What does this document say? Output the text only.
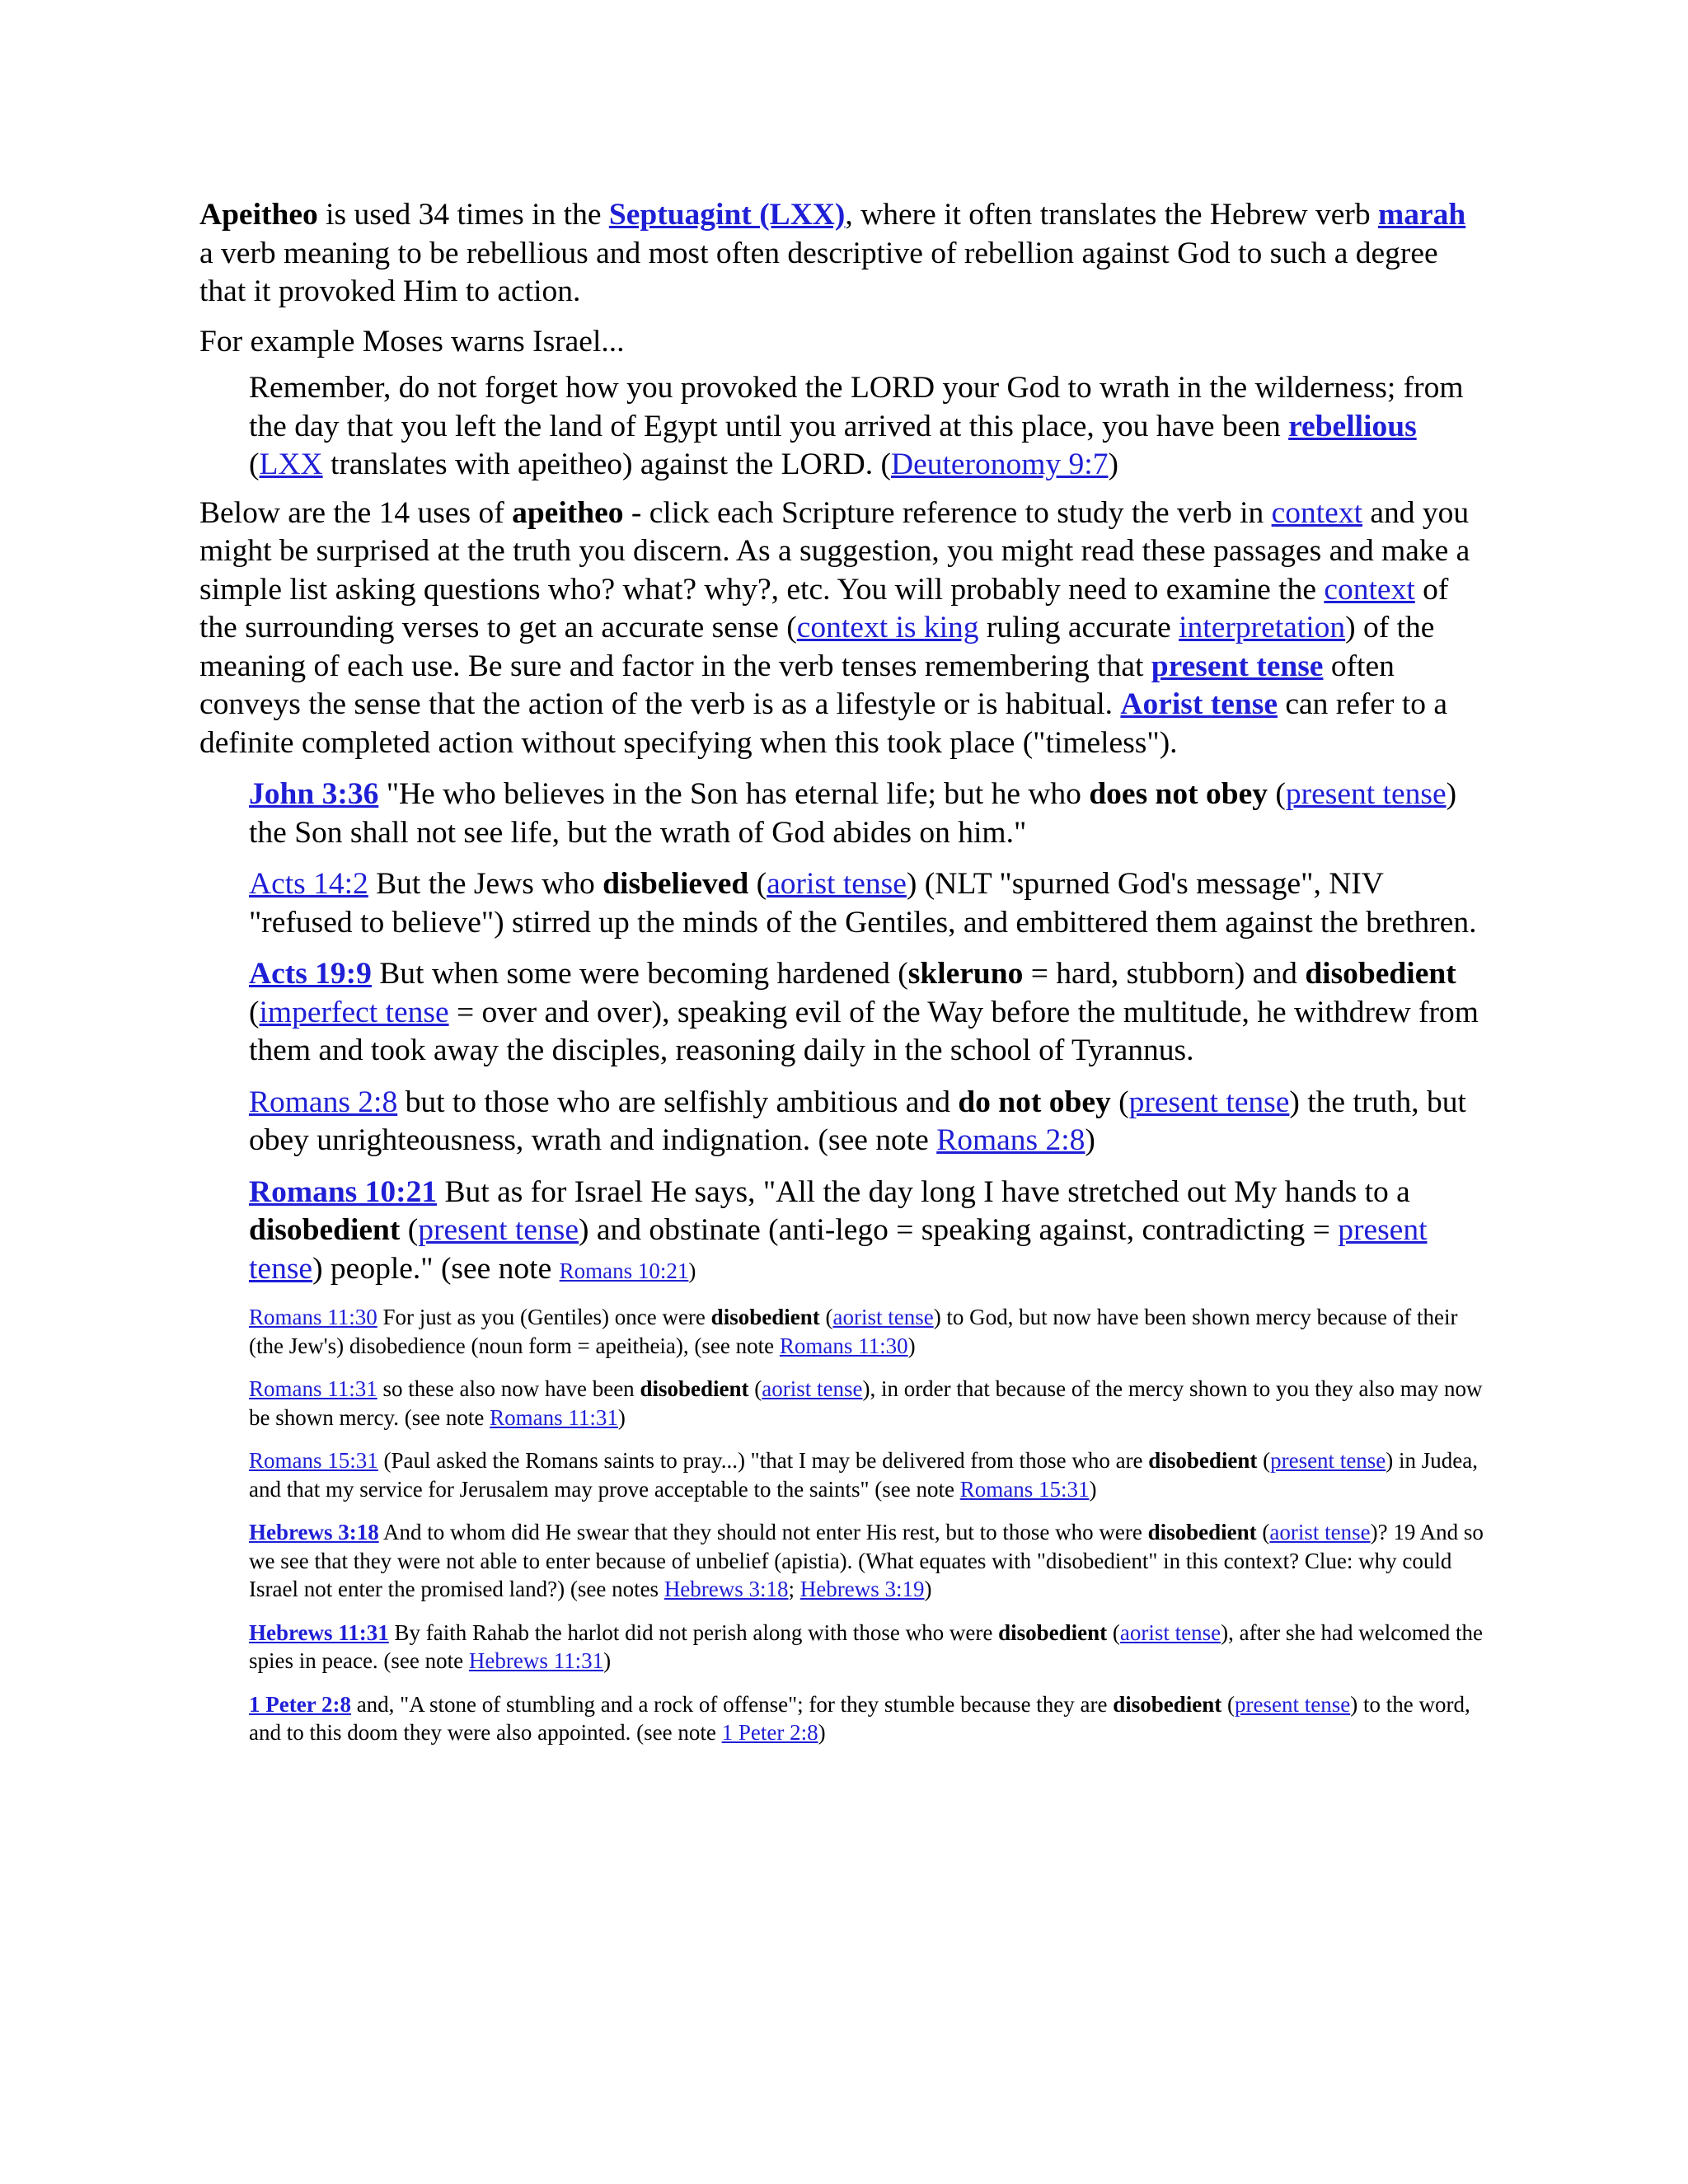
Apeitheo is used 34 times in the Septuagint (LXX), where it often translates the Hebrew verb marah a verb meaning to be rebellious and most often descriptive of rebellion against God to such a degree that it provoked Him to action.

For example Moses warns Israel...

Remember, do not forget how you provoked the LORD your God to wrath in the wilderness; from the day that you left the land of Egypt until you arrived at this place, you have been rebellious (LXX translates with apeitheo) against the LORD. (Deuteronomy 9:7)

Below are the 14 uses of apeitheo - click each Scripture reference to study the verb in context and you might be surprised at the truth you discern. As a suggestion, you might read these passages and make a simple list asking questions who? what? why?, etc. You will probably need to examine the context of the surrounding verses to get an accurate sense (context is king ruling accurate interpretation) of the meaning of each use. Be sure and factor in the verb tenses remembering that present tense often conveys the sense that the action of the verb is as a lifestyle or is habitual. Aorist tense can refer to a definite completed action without specifying when this took place ("timeless").

John 3:36 "He who believes in the Son has eternal life; but he who does not obey (present tense) the Son shall not see life, but the wrath of God abides on him."

Acts 14:2 But the Jews who disbelieved (aorist tense) (NLT "spurned God's message", NIV "refused to believe") stirred up the minds of the Gentiles, and embittered them against the brethren.

Acts 19:9 But when some were becoming hardened (skleruno = hard, stubborn) and disobedient (imperfect tense = over and over), speaking evil of the Way before the multitude, he withdrew from them and took away the disciples, reasoning daily in the school of Tyrannus.

Romans 2:8 but to those who are selfishly ambitious and do not obey (present tense) the truth, but obey unrighteousness, wrath and indignation. (see note Romans 2:8)

Romans 10:21 But as for Israel He says, "All the day long I have stretched out My hands to a disobedient (present tense) and obstinate (anti-lego = speaking against, contradicting = present tense) people." (see note Romans 10:21)

Romans 11:30 For just as you (Gentiles) once were disobedient (aorist tense) to God, but now have been shown mercy because of their (the Jew's) disobedience (noun form = apeitheia), (see note Romans 11:30)

Romans 11:31 so these also now have been disobedient (aorist tense), in order that because of the mercy shown to you they also may now be shown mercy. (see note Romans 11:31)

Romans 15:31 (Paul asked the Romans saints to pray...) "that I may be delivered from those who are disobedient (present tense) in Judea, and that my service for Jerusalem may prove acceptable to the saints" (see note Romans 15:31)

Hebrews 3:18 And to whom did He swear that they should not enter His rest, but to those who were disobedient (aorist tense)? 19 And so we see that they were not able to enter because of unbelief (apistia). (What equates with "disobedient" in this context? Clue: why could Israel not enter the promised land?) (see notes Hebrews 3:18; Hebrews 3:19)

Hebrews 11:31 By faith Rahab the harlot did not perish along with those who were disobedient (aorist tense), after she had welcomed the spies in peace. (see note Hebrews 11:31)

1 Peter 2:8 and, "A stone of stumbling and a rock of offense"; for they stumble because they are disobedient (present tense) to the word, and to this doom they were also appointed. (see note 1 Peter 2:8)
